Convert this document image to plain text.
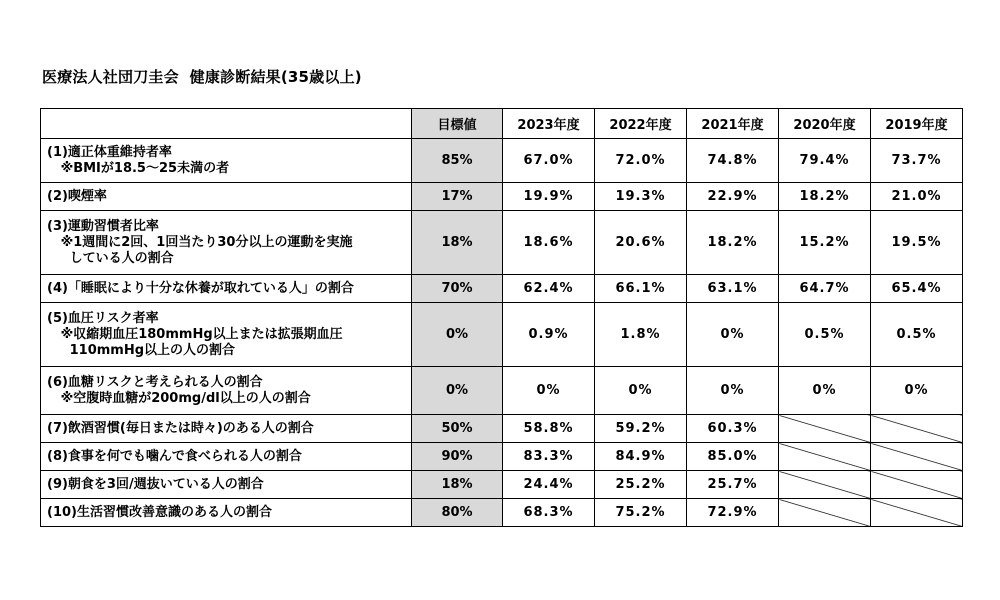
医療法人社団刀圭会  健康診断結果(35歳以上)
	目標値	2023年度	2022年度	2021年度	2020年度	2019年度

(1)適正体重維持者率
※BMIが18.5～25未満の者	85%	67.0%	72.0%	74.8%	79.4%	73.7%

(2)喫煙率	17%	19.9%	19.3%	22.9%	18.2%	21.0%

(3)運動習慣者比率
※1週間に2回、1回当たり30分以上の運動を実施
している人の割合	18%	18.6%	20.6%	18.2%	15.2%	19.5%

(4)「睡眠により十分な休養が取れている人」の割合	70%	62.4%	66.1%	63.1%	64.7%	65.4%

(5)血圧リスク者率
※収縮期血圧180mmHg以上または拡張期血圧
110mmHg以上の人の割合	0%	0.9%	1.8%	0%	0.5%	0.5%

(6)血糖リスクと考えられる人の割合
※空腹時血糖が200mg/dl以上の人の割合	0%	0%	0%	0%	0%	0%

(7)飲酒習慣(毎日または時々)のある人の割合	50%	58.8%	59.2%	60.3%		

(8)食事を何でも噛んで食べられる人の割合	90%	83.3%	84.9%	85.0%		

(9)朝食を3回/週抜いている人の割合	18%	24.4%	25.2%	25.7%		

(10)生活習慣改善意識のある人の割合	80%	68.3%	75.2%	72.9%		
